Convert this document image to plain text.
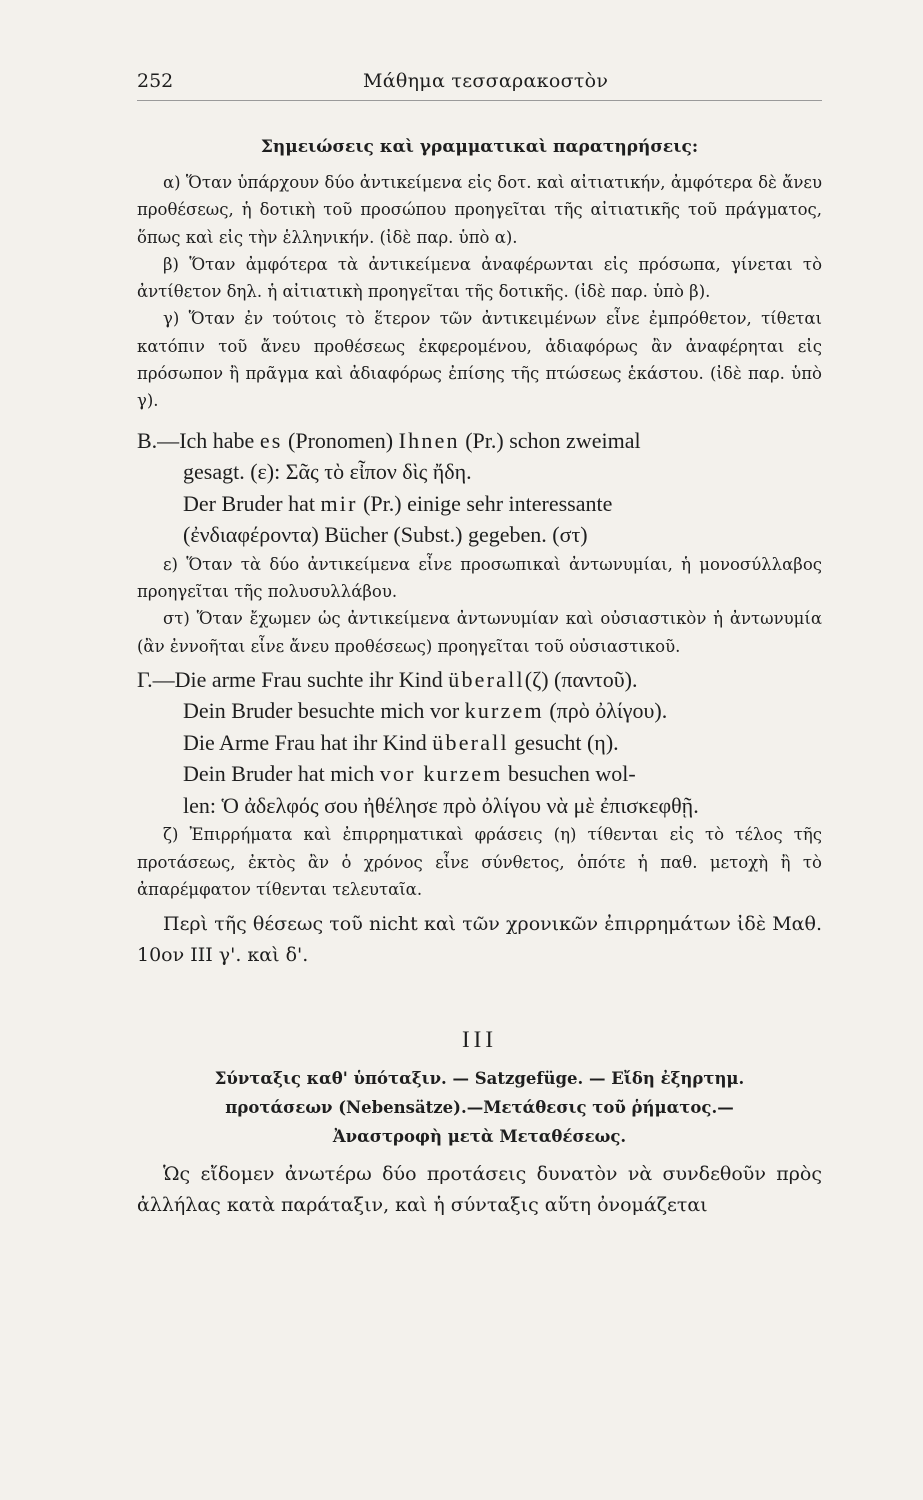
252	Μάθημα τεσσαρακοστὸν
Σημειώσεις καὶ γραμματικαὶ παρατηρήσεις:

α) Ὅταν ὑπάρχουν δύο ἀντικείμενα εἰς δοτ. καὶ αἰτιατικήν, ἀμφότερα δὲ ἄνευ προθέσεως, ἡ δοτικὴ τοῦ προσώπου προηγεῖται τῆς αἰτιατικῆς τοῦ πράγματος, ὅπως καὶ εἰς τὴν ἑλληνικήν. (ἰδὲ παρ. ὑπὸ α).

β) Ὅταν ἀμφότερα τὰ ἀντικείμενα ἀναφέρωνται εἰς πρόσωπα, γίνεται τὸ ἀντίθετον δηλ. ἡ αἰτιατικὴ προηγεῖται τῆς δοτικῆς. (ἰδὲ παρ. ὑπὸ β).

γ) Ὅταν ἐν τούτοις τὸ ἕτερον τῶν ἀντικειμένων εἶνε ἐμπρόθετον, τίθεται κατόπιν τοῦ ἄνευ προθέσεως ἐκφερομένου, ἀδιαφόρως ἂν ἀναφέρηται εἰς πρόσωπον ἢ πρᾶγμα καὶ ἀδιαφόρως ἐπίσης τῆς πτώσεως ἑκάστου. (ἰδὲ παρ. ὑπὸ γ).

B.—Ich habe es (Pronomen) Ihnen (Pr.) schon zweimal

gesagt. (ε): Σᾶς τὸ εἶπον δὶς ἤδη.

Der Bruder hat mir (Pr.) einige sehr interessante

(ἐνδιαφέροντα) Bücher (Subst.) gegeben. (στ)

ε) Ὅταν τὰ δύο ἀντικείμενα εἶνε προσωπικαὶ ἀντωνυμίαι, ἡ μονοσύλλαβος προηγεῖται τῆς πολυσυλλάβου.

στ) Ὅταν ἔχωμεν ὡς ἀντικείμενα ἀντωνυμίαν καὶ οὐσιαστικὸν ἡ ἀντωνυμία (ἂν ἐννοῆται εἶνε ἄνευ προθέσεως) προηγεῖται τοῦ οὐσιαστικοῦ.

Γ.—Die arme Frau suchte ihr Kind überall(ζ) (παντοῦ).

Dein Bruder besuchte mich vor kurzem (πρὸ ὀλίγου).

Die Arme Frau hat ihr Kind überall gesucht (η).

Dein Bruder hat mich vor kurzem besuchen wol-

len: Ὁ ἀδελφός σου ἠθέλησε πρὸ ὀλίγου νὰ μὲ ἐπισκεφθῇ.

ζ) Ἐπιρρήματα καὶ ἐπιρρηματικαὶ φράσεις (η) τίθενται εἰς τὸ τέλος τῆς προτάσεως, ἐκτὸς ἂν ὁ χρόνος εἶνε σύνθετος, ὁπότε ἡ παθ. μετοχὴ ἢ τὸ ἀπαρέμφατον τίθενται τελευταῖα.

Περὶ τῆς θέσεως τοῦ nicht καὶ τῶν χρονικῶν ἐπιρρημάτων ἰδὲ Μαθ. 10ον III γ'. καὶ δ'.

III

Σύνταξις καθ' ὑπόταξιν. — Satzgefüge. — Εἴδη ἐξηρτημ.

προτάσεων (Nebensätze).—Μετάθεσις τοῦ ῥήματος.—

Ἀναστροφὴ μετὰ Μεταθέσεως.

Ὡς εἴδομεν ἀνωτέρω δύο προτάσεις δυνατὸν νὰ συνδεθοῦν πρὸς ἀλλήλας κατὰ παράταξιν, καὶ ἡ σύνταξις αὕτη ὀνομάζεται
